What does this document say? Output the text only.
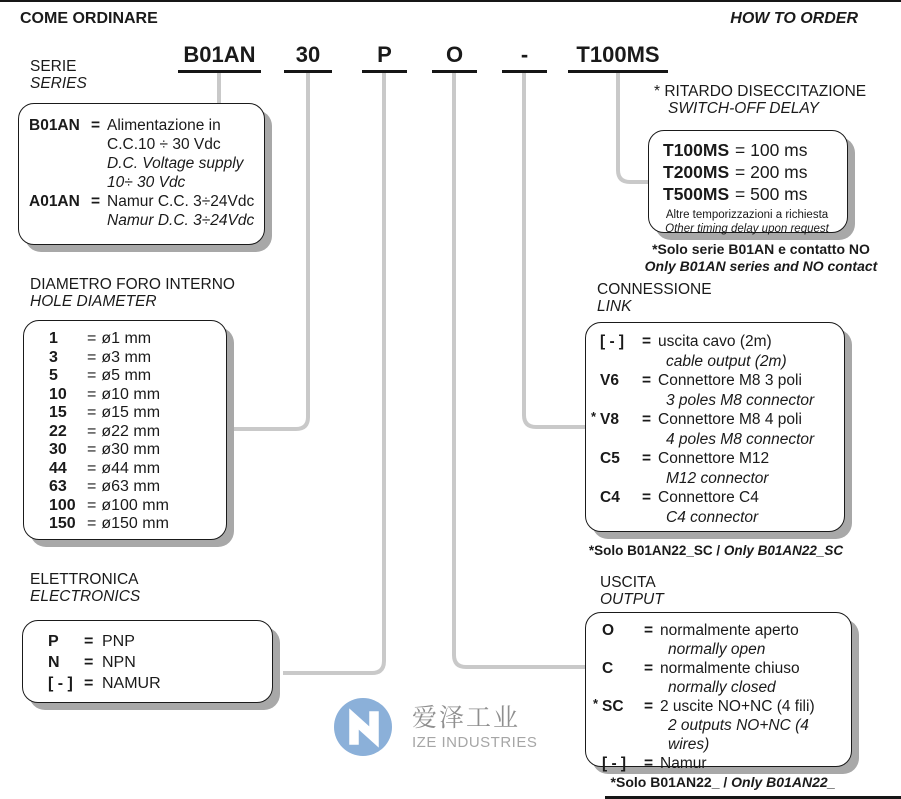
COME ORDINARE	HOW TO ORDER
B01AN	30	P	O	-	T100MS
SERIE
SERIES
B01AN = Alimentazione in
C.C.10 ÷ 30 Vdc
D.C. Voltage supply
10÷ 30 Vdc
A01AN = Namur C.C. 3÷24Vdc
Namur D.C. 3÷24Vdc
DIAMETRO FORO INTERNO
HOLE DIAMETER
1	= ø1 mm
3	= ø3 mm
5	= ø5 mm
10	= ø10 mm
15	= ø15 mm
22	= ø22 mm
30	= ø30 mm
44	= ø44 mm
63	= ø63 mm
100 = ø100 mm
150 = ø150 mm
ELETTRONICA
ELECTRONICS
P	= PNP
N	= NPN
[ - ] = NAMUR
* RITARDO DISECCITAZIONE
SWITCH-OFF DELAY
T100MS = 100 ms
T200MS = 200 ms
T500MS = 500 ms
Altre temporizzazioni a richiesta
Other timing delay upon request
*Solo serie B01AN e contatto NO
Only B01AN series and NO contact
CONNESSIONE
LINK
[ - ]	= uscita cavo (2m)
cable output (2m)
V6	= Connettore M8 3 poli
3 poles M8 connector
* V8	= Connettore M8 4 poli
4 poles M8 connector
C5	= Connettore M12
M12 connector
C4	= Connettore C4
C4 connector
*Solo B01AN22_SC / Only B01AN22_SC
USCITA
OUTPUT
O	= normalmente aperto
normally open
C	= normalmente chiuso
normally closed
* SC	= 2 uscite NO+NC (4 fili)
2 outputs NO+NC (4 wires)
[ - ]	= Namur
*Solo B01AN22_ / Only B01AN22_
爱泽工业
IZE INDUSTRIES
